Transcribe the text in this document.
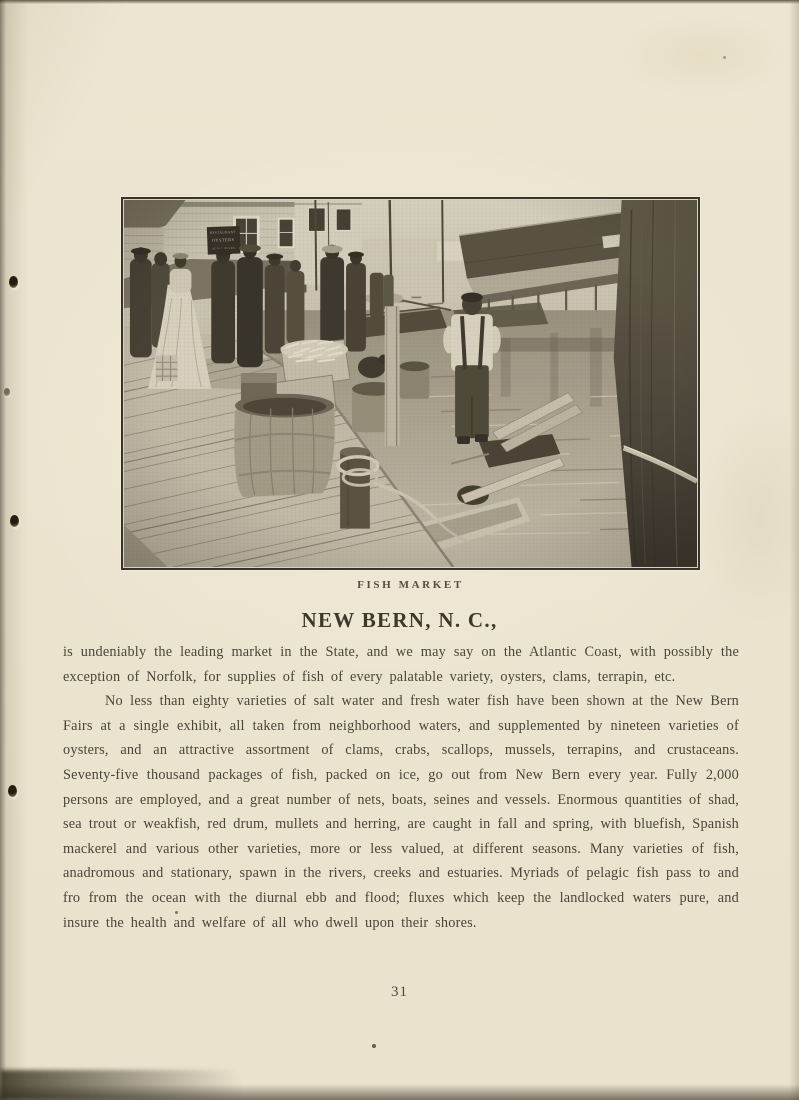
FISH MARKET
NEW BERN, N. C.,

is undeniably the leading market in the State, and we may say on the Atlantic Coast, with possibly the exception of Norfolk, for supplies of fish of every palatable variety, oysters, clams, terrapin, etc.

No less than eighty varieties of salt water and fresh water fish have been shown at the New Bern Fairs at a single exhibit, all taken from neighborhood waters, and supplemented by nineteen varieties of oysters, and an attractive assortment of clams, crabs, scallops, mussels, terrapins, and crustaceans. Seventy-five thousand packages of fish, packed on ice, go out from New Bern every year. Fully 2,000 persons are employed, and a great number of nets, boats, seines and vessels. Enormous quantities of shad, sea trout or weakfish, red drum, mullets and herring, are caught in fall and spring, with bluefish, Spanish mackerel and various other varieties, more or less valued, at different seasons. Many varieties of fish, anadromous and stationary, spawn in the rivers, creeks and estuaries. Myriads of pelagic fish pass to and fro from the ocean with the diurnal ebb and flood; fluxes which keep the landlocked waters pure, and insure the health and welfare of all who dwell upon their shores.

31
